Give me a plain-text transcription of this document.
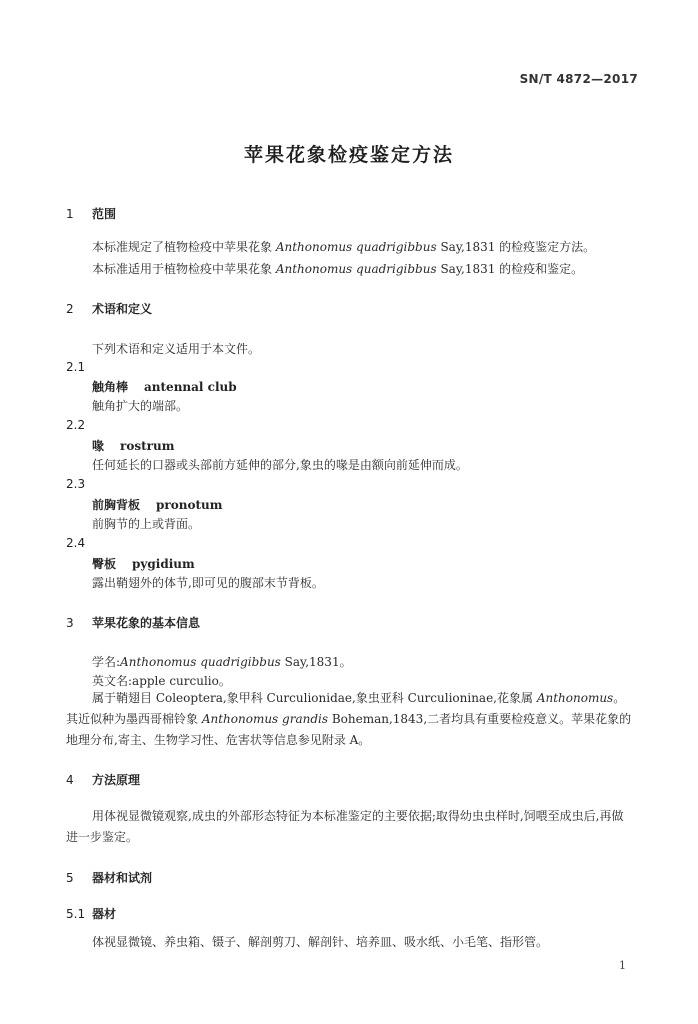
SN/T 4872—2017
苹果花象检疫鉴定方法
1 范围
本标准规定了植物检疫中苹果花象 Anthonomus quadrigibbus Say,1831 的检疫鉴定方法。
本标准适用于植物检疫中苹果花象 Anthonomus quadrigibbus Say,1831 的检疫和鉴定。
2 术语和定义
下列术语和定义适用于本文件。
2.1
触角棒 antennal club
触角扩大的端部。
2.2
喙 rostrum
任何延长的口器或头部前方延伸的部分,象虫的喙是由额向前延伸而成。
2.3
前胸背板 pronotum
前胸节的上或背面。
2.4
臀板 pygidium
露出鞘翅外的体节,即可见的腹部末节背板。
3 苹果花象的基本信息
学名:Anthonomus quadrigibbus Say,1831。
英文名:apple curculio。
属于鞘翅目 Coleoptera,象甲科 Curculionidae,象虫亚科 Curculioninae,花象属 Anthonomus。其近似种为墨西哥棉铃象 Anthonomus grandis Boheman,1843,二者均具有重要检疫意义。苹果花象的地理分布,寄主、生物学习性、危害状等信息参见附录 A。
4 方法原理
用体视显微镜观察,成虫的外部形态特征为本标准鉴定的主要依据;取得幼虫虫样时,饲喂至成虫后,再做进一步鉴定。
5 器材和试剂
5.1 器材
体视显微镜、养虫箱、镊子、解剖剪刀、解剖针、培养皿、吸水纸、小毛笔、指形管。
1
